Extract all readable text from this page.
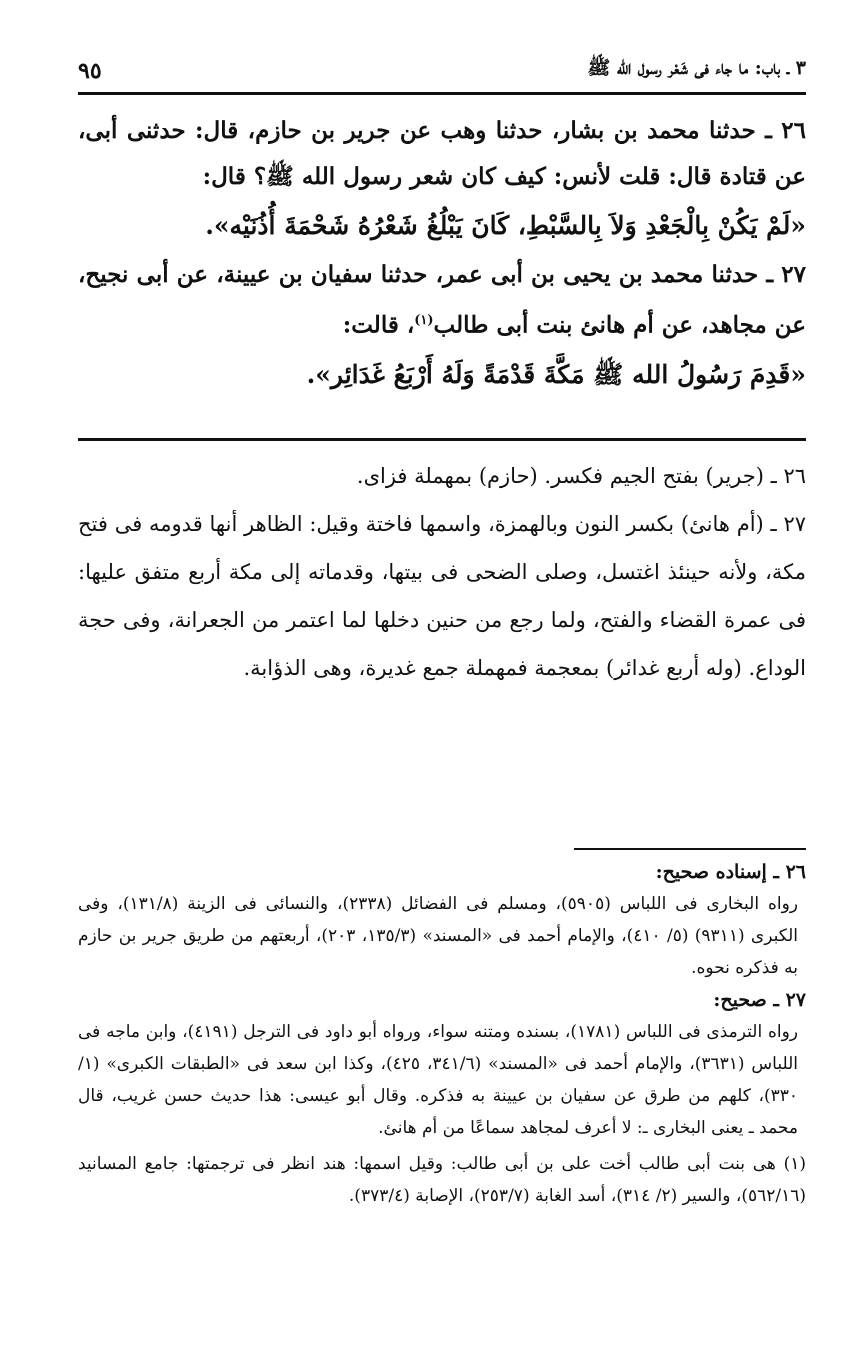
٣ ـ باب: ما جاء فى شَعْر رسول الله ﷺ
٩٥

٢٦ ـ حدثنا محمد بن بشار، حدثنا وهب عن جرير بن حازم، قال: حدثنى أبى، عن قتادة قال: قلت لأنس: كيف كان شعر رسول الله ﷺ؟ قال:

«لَمْ يَكُنْ بِالْجَعْدِ وَلاَ بِالسَّبْطِ، كَانَ يَبْلُغُ شَعْرُهُ شَحْمَةَ أُذُنَيْه».

٢٧ ـ حدثنا محمد بن يحيى بن أبى عمر، حدثنا سفيان بن عيينة، عن أبى نجيح، عن مجاهد، عن أم هانئ بنت أبى طالب$^{(١)}$، قالت:

«قَدِمَ رَسُولُ الله ﷺ مَكَّةَ قَدْمَةً وَلَهُ أَرْبَعُ غَدَائِر».

٢٦ ـ (جرير) بفتح الجيم فكسر. (حازم) بمهملة فزاى.

٢٧ ـ (أم هانئ) بكسر النون وبالهمزة، واسمها فاختة وقيل: الظاهر أنها قدومه فى فتح مكة، ولأنه حينئذ اغتسل، وصلى الضحى فى بيتها، وقدماته إلى مكة أربع متفق عليها: فى عمرة القضاء والفتح، ولما رجع من حنين دخلها لما اعتمر من الجعرانة، وفى حجة الوداع. (وله أربع غدائر) بمعجمة فمهملة جمع غديرة، وهى الذؤابة.

٢٦ ـ إسناده صحيح:

رواه البخارى فى اللباس (٥٩٠٥)، ومسلم فى الفضائل (٢٣٣٨)، والنسائى فى الزينة (١٣١/٨)، وفى الكبرى (٩٣١١) (٥/ ٤١٠)، والإمام أحمد فى «المسند» (١٣٥/٣، ٢٠٣)، أربعتهم من طريق جرير بن حازم به فذكره نحوه.

٢٧ ـ صحيح:

رواه الترمذى فى اللباس (١٧٨١)، بسنده ومتنه سواء، ورواه أبو داود فى الترجل (٤١٩١)، وابن ماجه فى اللباس (٣٦٣١)، والإمام أحمد فى «المسند» (٣٤١/٦، ٤٢٥)، وكذا ابن سعد فى «الطبقات الكبرى» (١/ ٣٣٠)، كلهم من طرق عن سفيان بن عيينة به فذكره. وقال أبو عيسى: هذا حديث حسن غريب، قال محمد ـ يعنى البخارى ـ: لا أعرف لمجاهد سماعًا من أم هانئ.

(١) هى بنت أبى طالب أخت على بن أبى طالب: وقيل اسمها: هند انظر فى ترجمتها: جامع المسانيد (٥٦٢/١٦)، والسير (٢/ ٣١٤)، أسد الغابة (٢٥٣/٧)، الإصابة (٣٧٣/٤).
